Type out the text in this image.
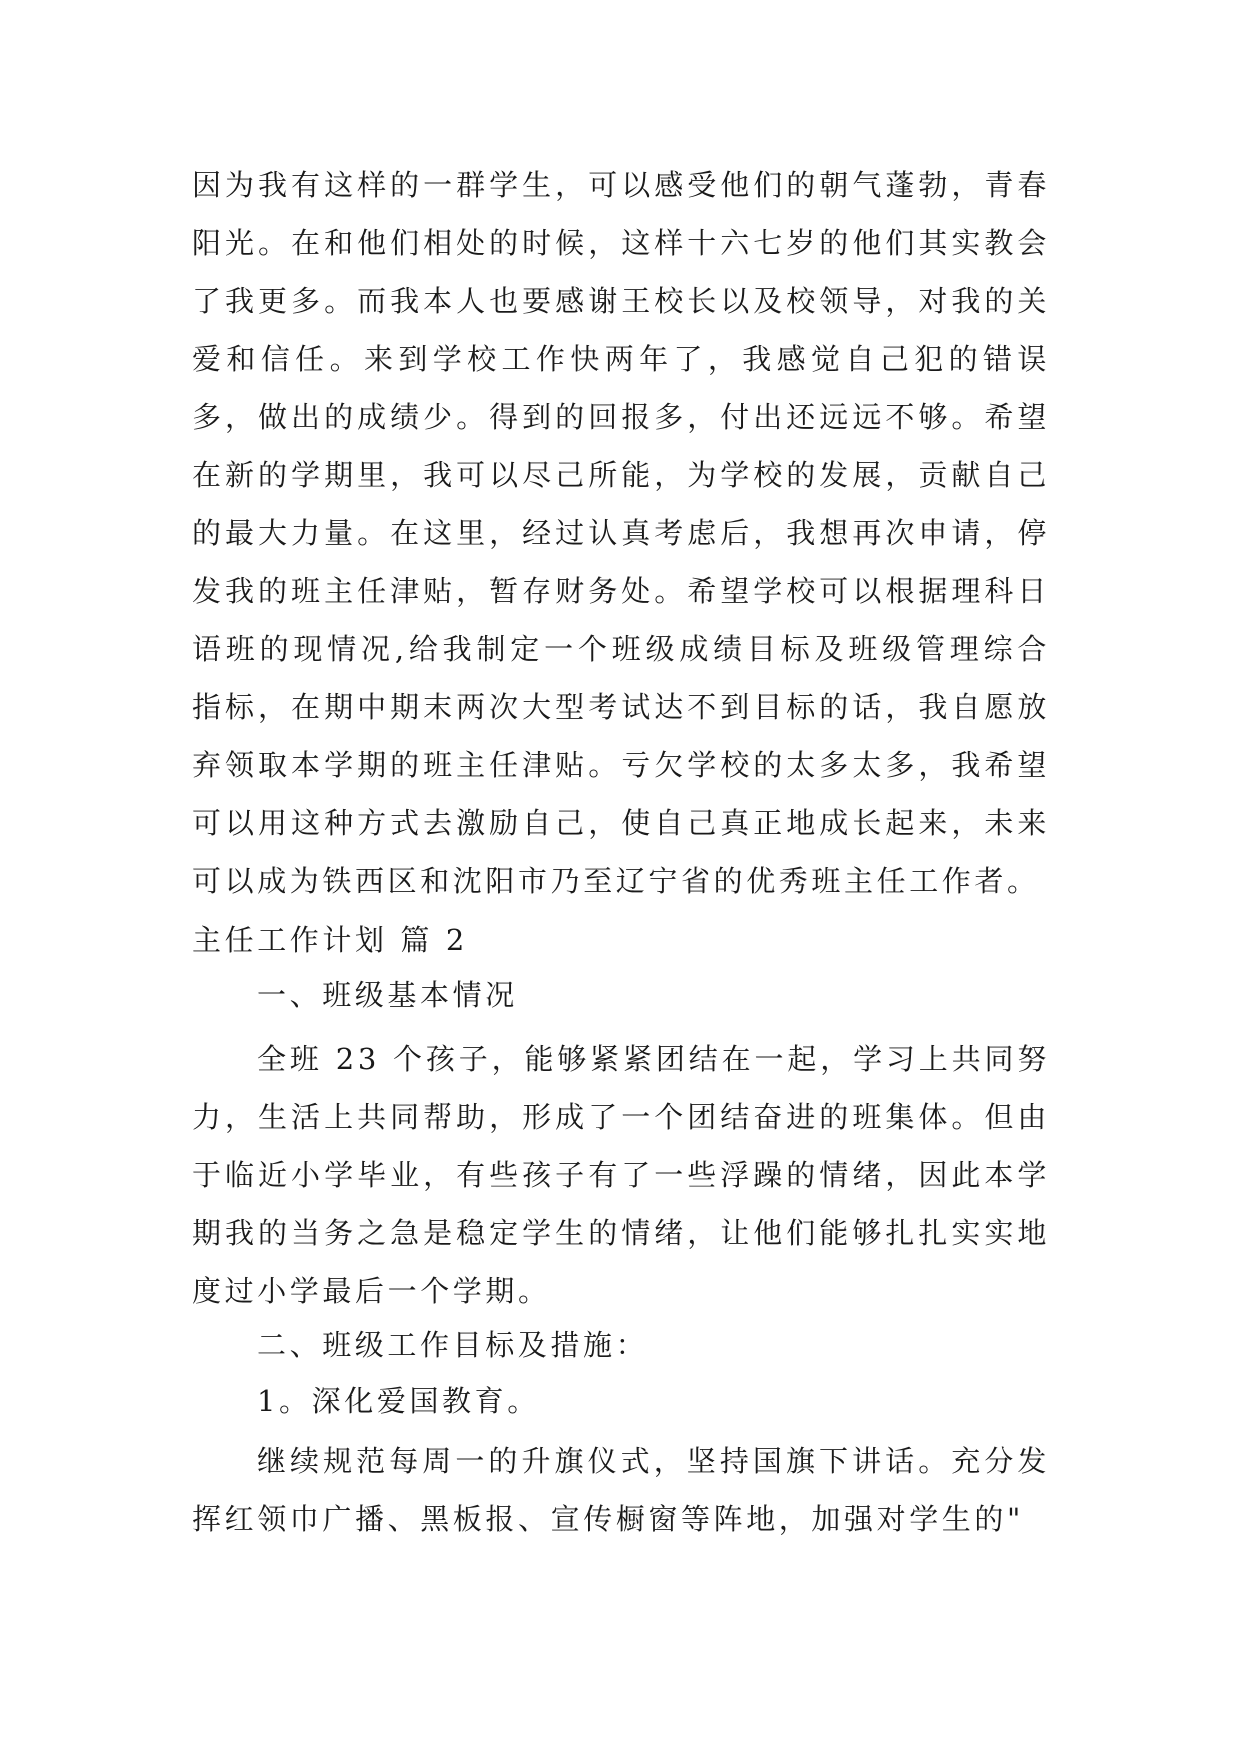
因为我有这样的一群学生，可以感受他们的朝气蓬勃，青春阳光。在和他们相处的时候，这样十六七岁的他们其实教会了我更多。而我本人也要感谢王校长以及校领导，对我的关爱和信任。来到学校工作快两年了，我感觉自己犯的错误多，做出的成绩少。得到的回报多，付出还远远不够。希望在新的学期里，我可以尽己所能，为学校的发展，贡献自己的最大力量。在这里，经过认真考虑后，我想再次申请，停发我的班主任津贴，暂存财务处。希望学校可以根据理科日语班的现情况,给我制定一个班级成绩目标及班级管理综合指标，在期中期末两次大型考试达不到目标的话，我自愿放弃领取本学期的班主任津贴。亏欠学校的太多太多，我希望可以用这种方式去激励自己，使自己真正地成长起来，未来可以成为铁西区和沈阳市乃至辽宁省的优秀班主任工作者。
主任工作计划 篇 2
一、班级基本情况
全班 23 个孩子，能够紧紧团结在一起，学习上共同努力，生活上共同帮助，形成了一个团结奋进的班集体。但由于临近小学毕业，有些孩子有了一些浮躁的情绪，因此本学期我的当务之急是稳定学生的情绪，让他们能够扎扎实实地度过小学最后一个学期。
二、班级工作目标及措施：
1。深化爱国教育。
继续规范每周一的升旗仪式，坚持国旗下讲话。充分发挥红领巾广播、黑板报、宣传橱窗等阵地，加强对学生的"
